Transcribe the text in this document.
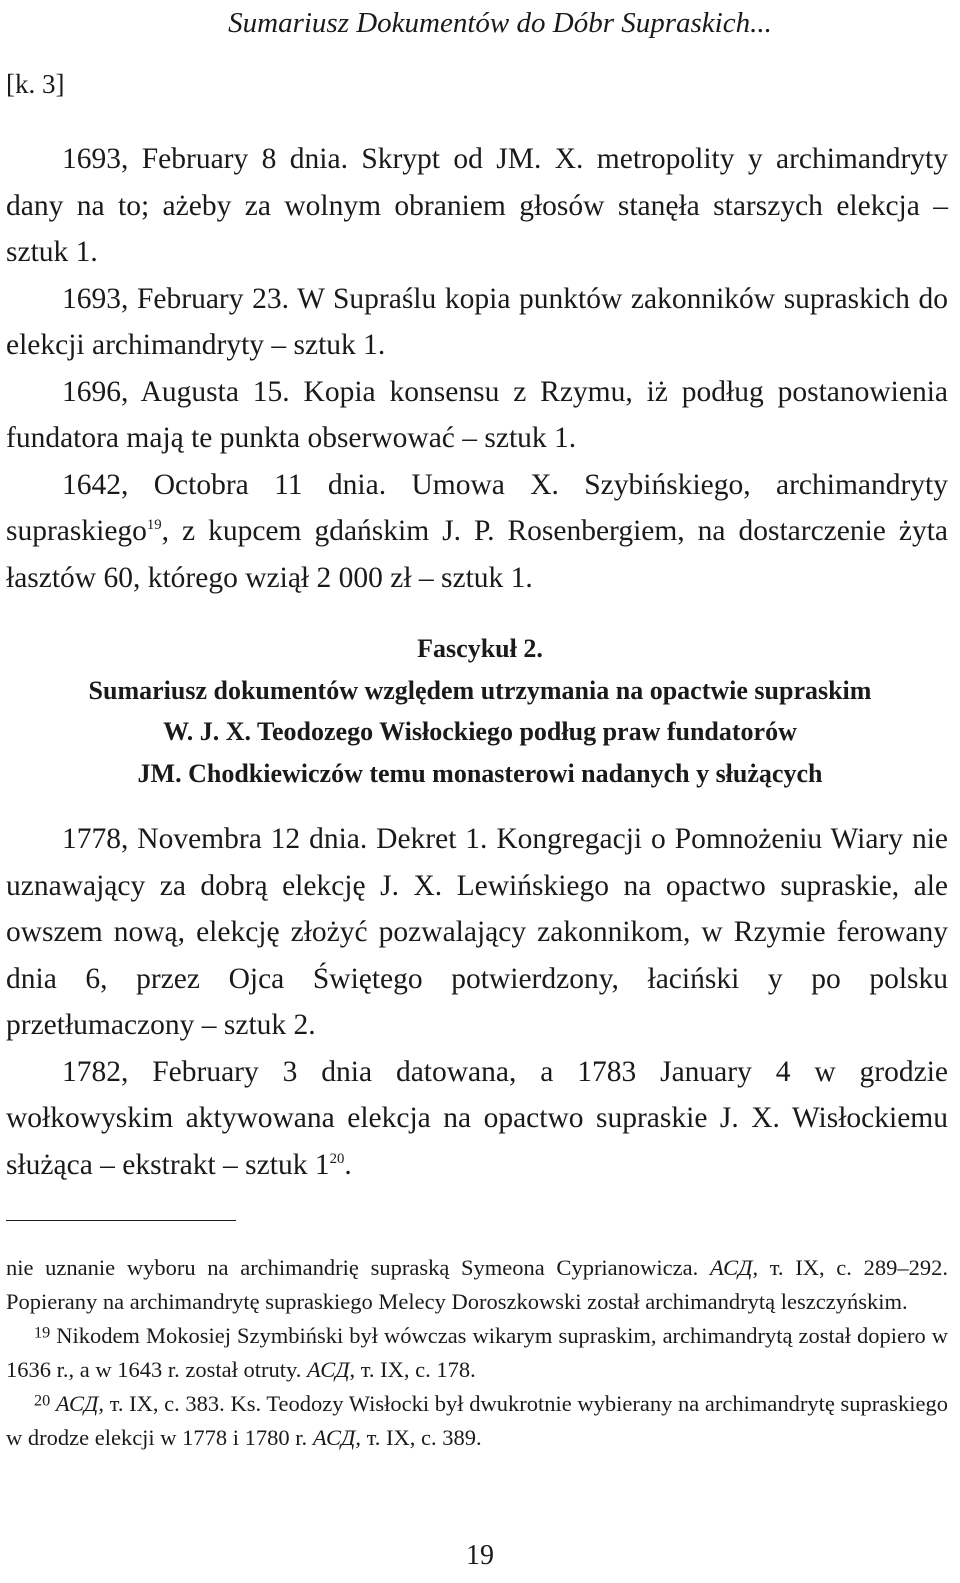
Sumariusz Dokumentów do Dóbr Supraskich...
[k. 3]

1693, February 8 dnia. Skrypt od JM. X. metropolity y archimandryty dany na to; ażeby za wolnym obraniem głosów stanęła starszych elekcja – sztuk 1.

1693, February 23. W Supraślu kopia punktów zakonników supraskich do elekcji archimandryty – sztuk 1.

1696, Augusta 15. Kopia konsensu z Rzymu, iż podług postanowienia fundatora mają te punkta obserwować – sztuk 1.

1642, Octobra 11 dnia. Umowa X. Szybińskiego, archimandryty supraskiego$^{19}$, z kupcem gdańskim J. P. Rosenbergiem, na dostarczenie żyta łasztów 60, którego wziął 2 000 zł – sztuk 1.

Fascykuł 2.
Sumariusz dokumentów względem utrzymania na opactwie supraskim
W. J. X. Teodozego Wisłockiego podług praw fundatorów
JM. Chodkiewiczów temu monasterowi nadanych y służących

1778, Novembra 12 dnia. Dekret 1. Kongregacji o Pomnożeniu Wiary nie uznawający za dobrą elekcję J. X. Lewińskiego na opactwo supraskie, ale owszem nową, elekcję złożyć pozwalający zakonnikom, w Rzymie ferowany dnia 6, przez Ojca Świętego potwierdzony, łaciński y po polsku przetłumaczony – sztuk 2.

1782, February 3 dnia datowana, a 1783 January 4 w grodzie wołkowyskim aktywowana elekcja na opactwo supraskie J. X. Wisłockiemu służąca – ekstrakt – sztuk $1^{20}$.

nie uznanie wyboru na archimandrię supraską Symeona Cyprianowicza. АСД, т. IX, c. 289–292. Popierany na archimandrytę supraskiego Melecy Doroszkowski został archimandrytą leszczyńskim.

$^{19}$ Nikodem Mokosiej Szymbiński był wówczas wikarym supraskim, archimandrytą został dopiero w 1636 r., a w 1643 r. został otruty. АСД, т. IX, c. 178.

$^{20}$ АСД, т. IX, c. 383. Ks. Teodozy Wisłocki był dwukrotnie wybierany na archimandrytę supraskiego w drodze elekcji w 1778 i 1780 r. АСД, т. IX, c. 389.

19
